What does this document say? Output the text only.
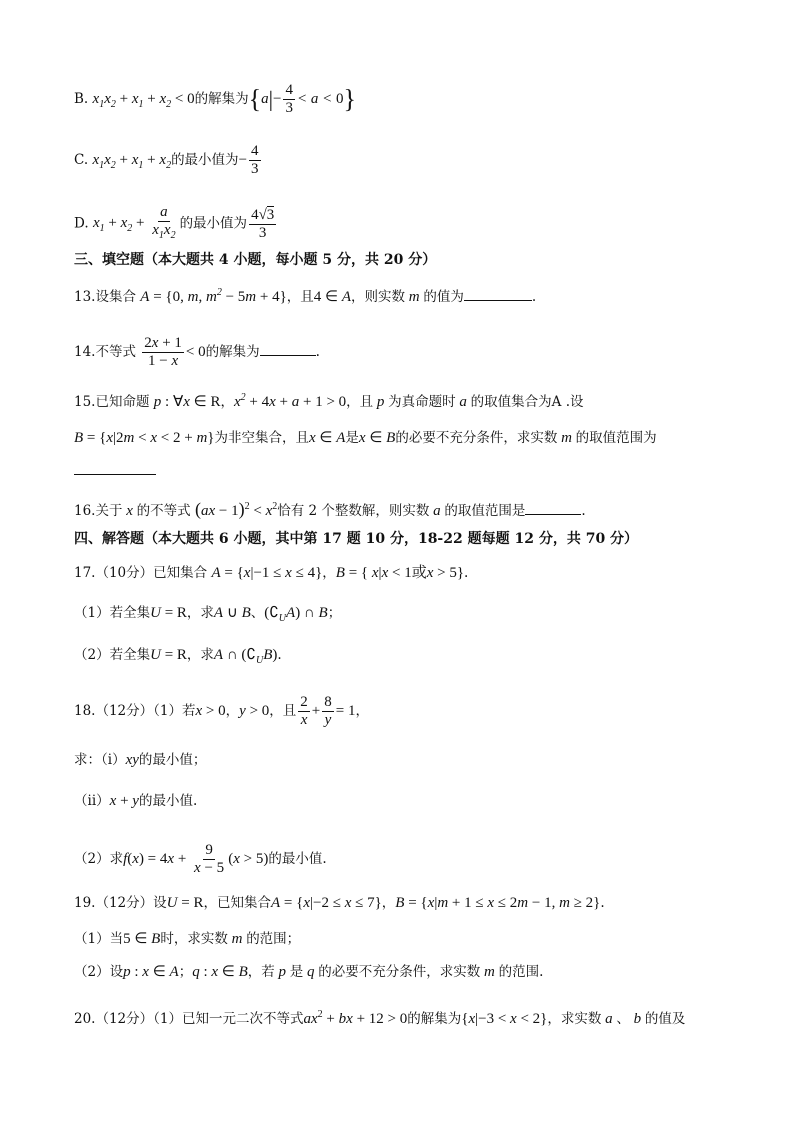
B. $x_1x_2 + x_1 + x_2 < 0$的解集为$\{a|- \frac{4}{3} < a < 0\}$
C. $x_1x_2 + x_1 + x_2$的最小值为− $\frac{4}{3}$
D. $x_1 + x_2 + \frac{a}{x_1x_2}$ 的最小值为 $\frac{4√3}{3}$
三、填空题（本大题共 4 小题，每小题 5 分，共 20 分）
13.设集合 A = {0, m, $m^2 - 5m + 4$}，且4 ∈ A，则实数 m 的值为	.
14.不等式 $\frac{2x + 1}{1 - x} < 0$的解集为	.
15.已知命题 p : ∀x ∈ R，$x^2 + 4x + a + 1 > 0$，且 p 为真命题时 a 的取值集合为A .设
B = {x|2m < x < 2 + m}为非空集合，且x ∈ A是x ∈ B的必要不充分条件，求实数 m 的取值范围为
16.关于 x 的不等式 $(ax - 1)^2 < x^2$恰有 2 个整数解，则实数 a 的取值范围是	.
四、解答题（本大题共 6 小题，其中第 17 题 10 分，18-22 题每题 12 分，共 70 分）
17.（10分）已知集合 A = {x|−1 ≤ x ≤ 4}，B = { x|x < 1或x > 5}.
（1）若全集U = R，求A ∪ B、$(∁_UA)$ ∩ B；
（2）若全集U = R，求A ∩ $(∁_UB)$.
18.（12分）（1）若x > 0，y > 0，且 $\frac{2}{x} + \frac{8}{y} = 1$，
求：（i）xy的最小值；
（ii）x + y的最小值.
（2）求$f(x) = 4x + \frac{9}{x - 5} (x > 5)$的最小值.
19.（12分）设U = R，已知集合A = {x|−2 ≤ x ≤ 7}，B = {x|m + 1 ≤ x ≤ 2m − 1, m ≥ 2}.
（1）当5 ∈ B时，求实数 m 的范围；
（2）设p : x ∈ A；q : x ∈ B，若 p 是 q 的必要不充分条件，求实数 m 的范围.
20.（12分）（1）已知一元二次不等式$ax^2$ + bx + 12 > 0的解集为{x|−3 < x < 2}，求实数 a 、 b 的值及
